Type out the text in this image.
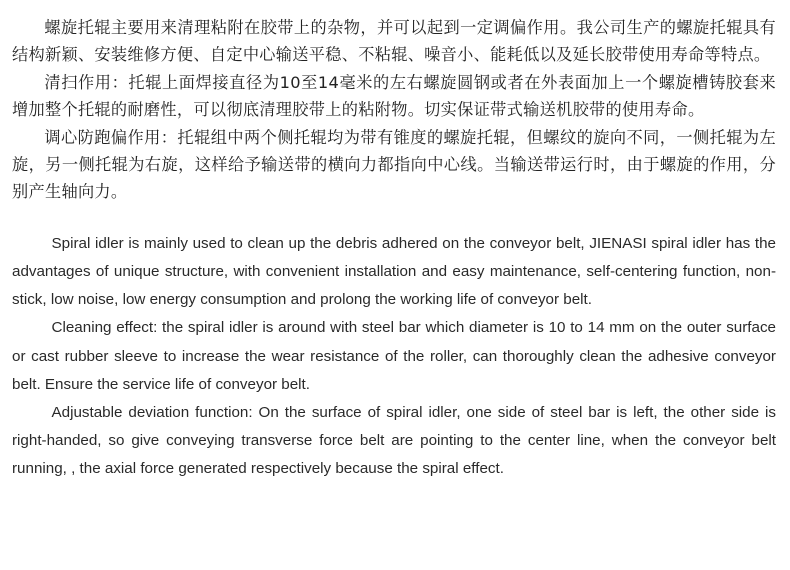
螺旋托辊主要用来清理粘附在胶带上的杂物，并可以起到一定调偏作用。我公司生产的螺旋托辊具有结构新颖、安装维修方便、自定中心输送平稳、不粘辊、噪音小、能耗低以及延长胶带使用寿命等特点。

清扫作用：托辊上面焊接直径为10至14毫米的左右螺旋圆钢或者在外表面加上一个螺旋槽铸胶套来增加整个托辊的耐磨性，可以彻底清理胶带上的粘附物。切实保证带式输送机胶带的使用寿命。

调心防跑偏作用：托辊组中两个侧托辊均为带有锥度的螺旋托辊，但螺纹的旋向不同，一侧托辊为左旋，另一侧托辊为右旋，这样给予输送带的横向力都指向中心线。当输送带运行时，由于螺旋的作用，分别产生轴向力。

Spiral idler is mainly used to clean up the debris adhered on the conveyor belt, JIENASI spiral idler has the advantages of unique structure, with convenient installation and easy maintenance, self-centering function, non-stick, low noise, low energy consumption and prolong the working life of conveyor belt.

Cleaning effect: the spiral idler is around with steel bar which diameter is 10 to 14 mm on the outer surface or cast rubber sleeve to increase the wear resistance of the roller, can thoroughly clean the adhesive conveyor belt. Ensure the service life of conveyor belt.

Adjustable deviation function: On the surface of spiral idler, one side of steel bar is left, the other side is right-handed, so give conveying transverse force belt are pointing to the center line, when the conveyor belt running, , the axial force generated respectively because the spiral effect.
